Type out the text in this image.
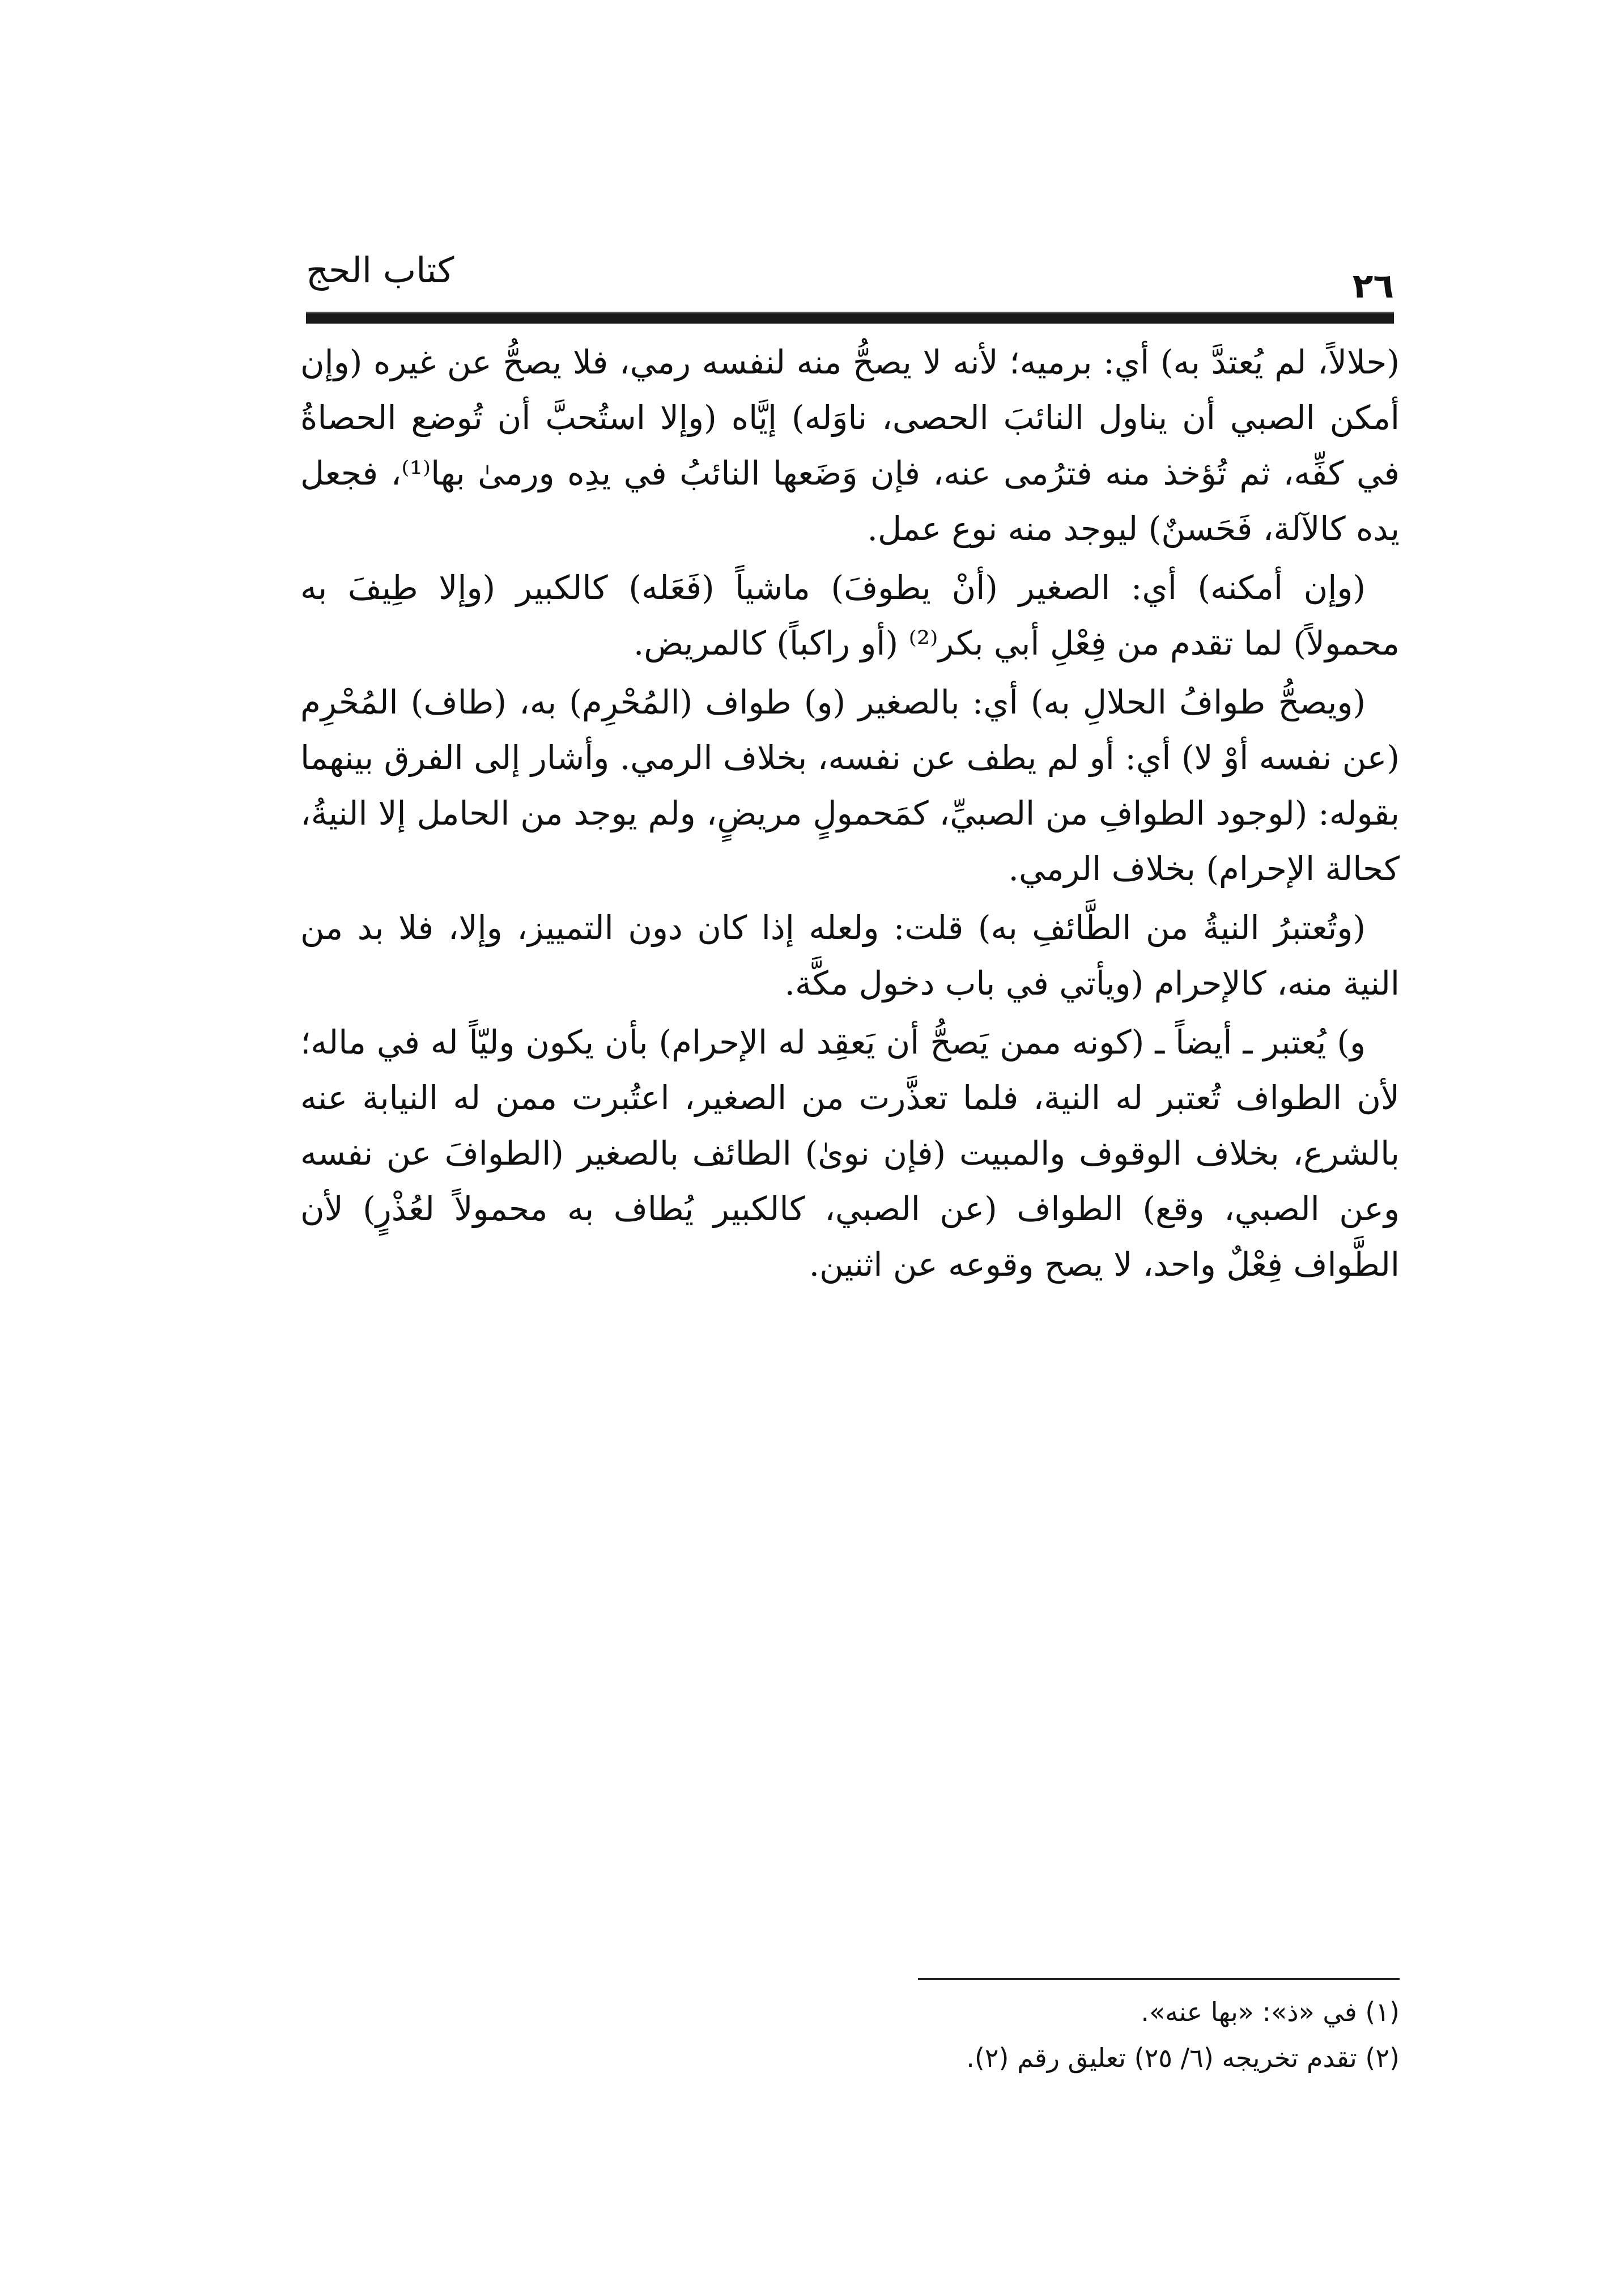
٢٦
كتاب الحج

(حلالاً، لم يُعتدَّ به) أي: برميه؛ لأنه لا يصحُّ منه لنفسه رمي، فلا يصحُّ عن غيره (وإن أمكن الصبي أن يناول النائبَ الحصى، ناوَله) إيَّاه (وإلا استُحبَّ أن تُوضع الحصاةُ في كفِّه، ثم تُؤخذ منه فترُمى عنه، فإن وَضَعها النائبُ في يدِه ورمىٰ بها⁽¹⁾، فجعل يده كالآلة، فَحَسنٌ) ليوجد منه نوع عمل.

(وإن أمكنه) أي: الصغير (أنْ يطوفَ) ماشياً (فَعَله) كالكبير (وإلا طِيفَ به محمولاً) لما تقدم من فِعْلِ أبي بكر⁽²⁾ (أو راكباً) كالمريض.

(ويصحُّ طوافُ الحلالِ به) أي: بالصغير (و) طواف (المُحْرِم) به، (طاف) المُحْرِم (عن نفسه أوْ لا) أي: أو لم يطف عن نفسه، بخلاف الرمي. وأشار إلى الفرق بينهما بقوله: (لوجود الطوافِ من الصبيِّ، كمَحمولٍ مريضٍ، ولم يوجد من الحامل إلا النيةُ، كحالة الإحرام) بخلاف الرمي.

(وتُعتبرُ النيةُ من الطَّائفِ به) قلت: ولعله إذا كان دون التمييز، وإلا، فلا بد من النية منه، كالإحرام (ويأتي في باب دخول مكَّة.

و) يُعتبر ـ أيضاً ـ (كونه ممن يَصحُّ أن يَعقِد له الإحرام) بأن يكون وليّاً له في ماله؛ لأن الطواف تُعتبر له النية، فلما تعذَّرت من الصغير، اعتُبرت ممن له النيابة عنه بالشرع، بخلاف الوقوف والمبيت (فإن نوىٰ) الطائف بالصغير (الطوافَ عن نفسه وعن الصبي، وقع) الطواف (عن الصبي، كالكبير يُطاف به محمولاً لعُذْرٍ) لأن الطَّواف فِعْلٌ واحد، لا يصح وقوعه عن اثنين.

(١) في «ذ»: «بها عنه».
(٢) تقدم تخريجه (٦/ ٢٥) تعليق رقم (٢).
